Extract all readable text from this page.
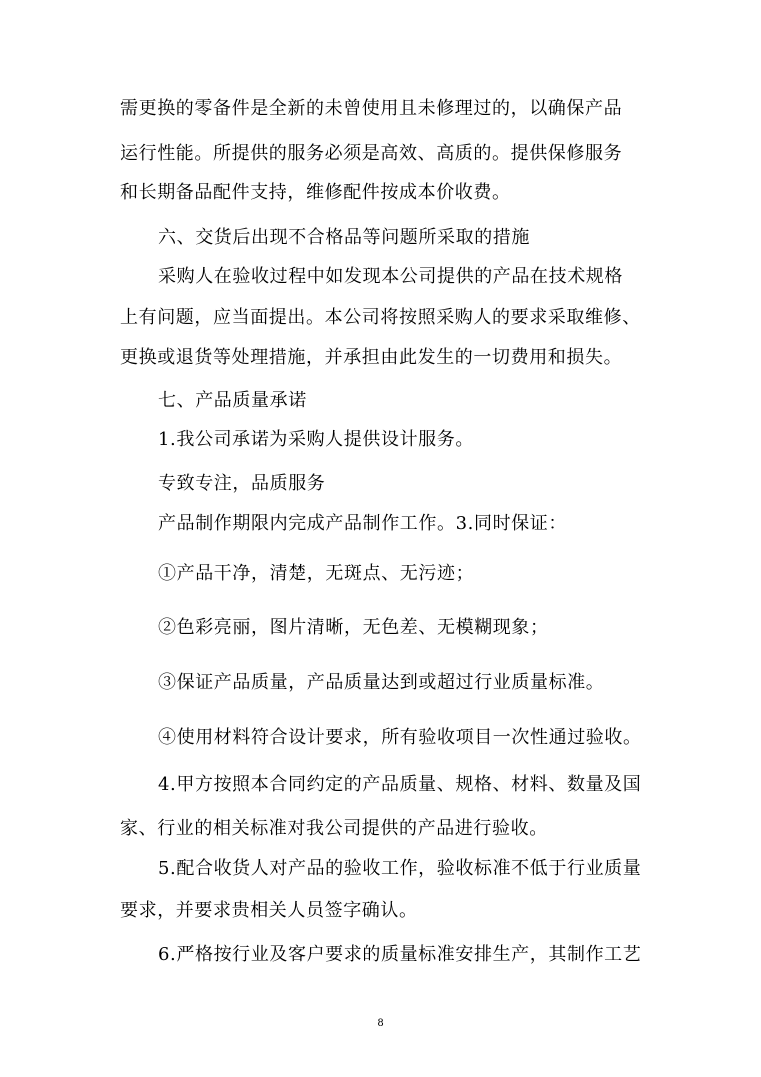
需更换的零备件是全新的未曾使用且未修理过的，以确保产品
运行性能。所提供的服务必须是高效、高质的。提供保修服务
和长期备品配件支持，维修配件按成本价收费。
六、交货后出现不合格品等问题所采取的措施
采购人在验收过程中如发现本公司提供的产品在技术规格
上有问题，应当面提出。本公司将按照采购人的要求采取维修、
更换或退货等处理措施，并承担由此发生的一切费用和损失。
七、产品质量承诺
1.我公司承诺为采购人提供设计服务。
专致专注，品质服务
产品制作期限内完成产品制作工作。3.同时保证：
①产品干净，清楚，无斑点、无污迹；
②色彩亮丽，图片清晰，无色差、无模糊现象；
③保证产品质量，产品质量达到或超过行业质量标准。
④使用材料符合设计要求，所有验收项目一次性通过验收。
4.甲方按照本合同约定的产品质量、规格、材料、数量及国
家、行业的相关标准对我公司提供的产品进行验收。
5.配合收货人对产品的验收工作，验收标准不低于行业质量
要求，并要求贵相关人员签字确认。
6.严格按行业及客户要求的质量标准安排生产，其制作工艺
8
